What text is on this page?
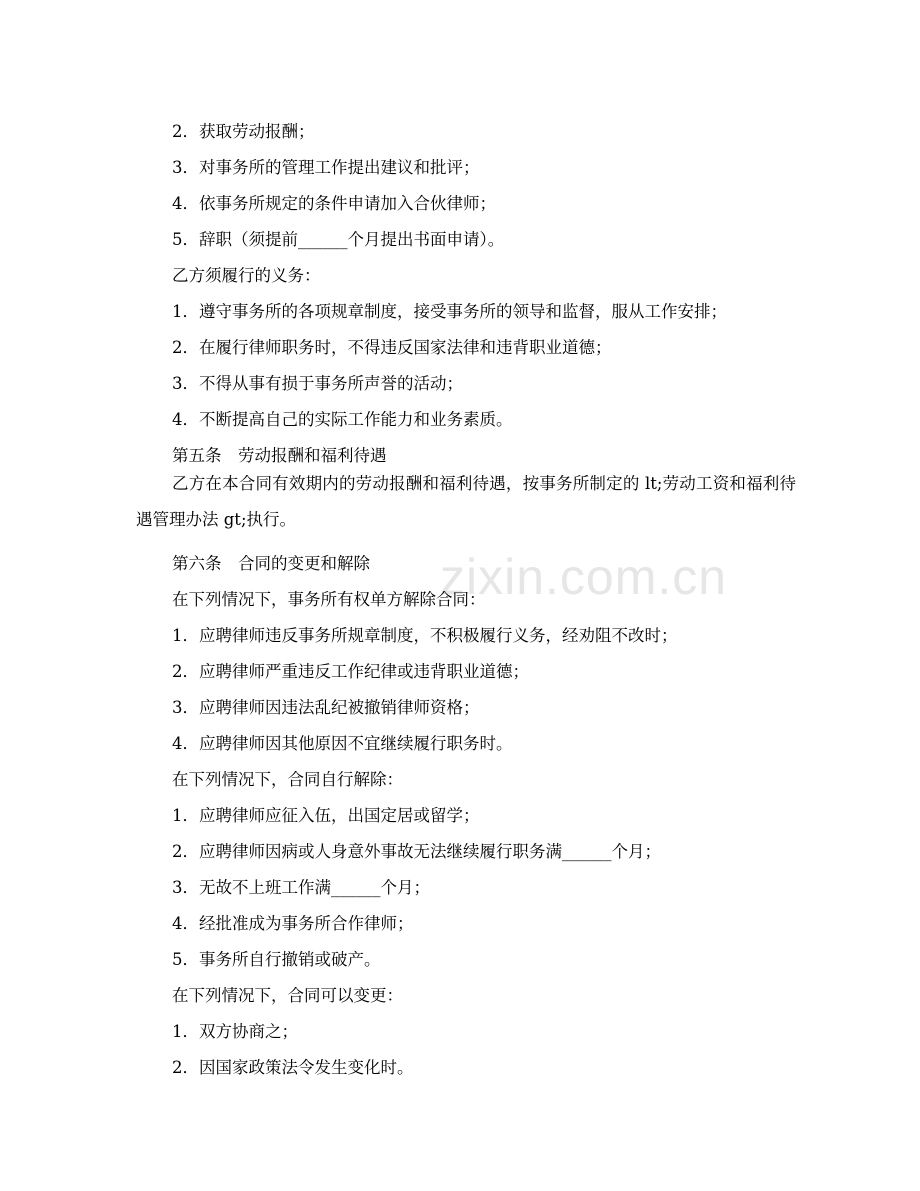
zixin.com.cn
2．获取劳动报酬；
3．对事务所的管理工作提出建议和批评；
4．依事务所规定的条件申请加入合伙律师；
5．辞职（须提前______个月提出书面申请）。
乙方须履行的义务：
1．遵守事务所的各项规章制度，接受事务所的领导和监督，服从工作安排；
2．在履行律师职务时，不得违反国家法律和违背职业道德；
3．不得从事有损于事务所声誉的活动；
4．不断提高自己的实际工作能力和业务素质。
第五条　劳动报酬和福利待遇
乙方在本合同有效期内的劳动报酬和福利待遇，按事务所制定的 lt;劳动工资和福利待遇管理办法 gt;执行。
第六条　合同的变更和解除
在下列情况下，事务所有权单方解除合同：
1．应聘律师违反事务所规章制度，不积极履行义务，经劝阻不改时；
2．应聘律师严重违反工作纪律或违背职业道德；
3．应聘律师因违法乱纪被撤销律师资格；
4．应聘律师因其他原因不宜继续履行职务时。
在下列情况下，合同自行解除：
1．应聘律师应征入伍，出国定居或留学；
2．应聘律师因病或人身意外事故无法继续履行职务满______个月；
3．无故不上班工作满______个月；
4．经批准成为事务所合作律师；
5．事务所自行撤销或破产。
在下列情况下，合同可以变更：
1．双方协商之；
2．因国家政策法令发生变化时。
